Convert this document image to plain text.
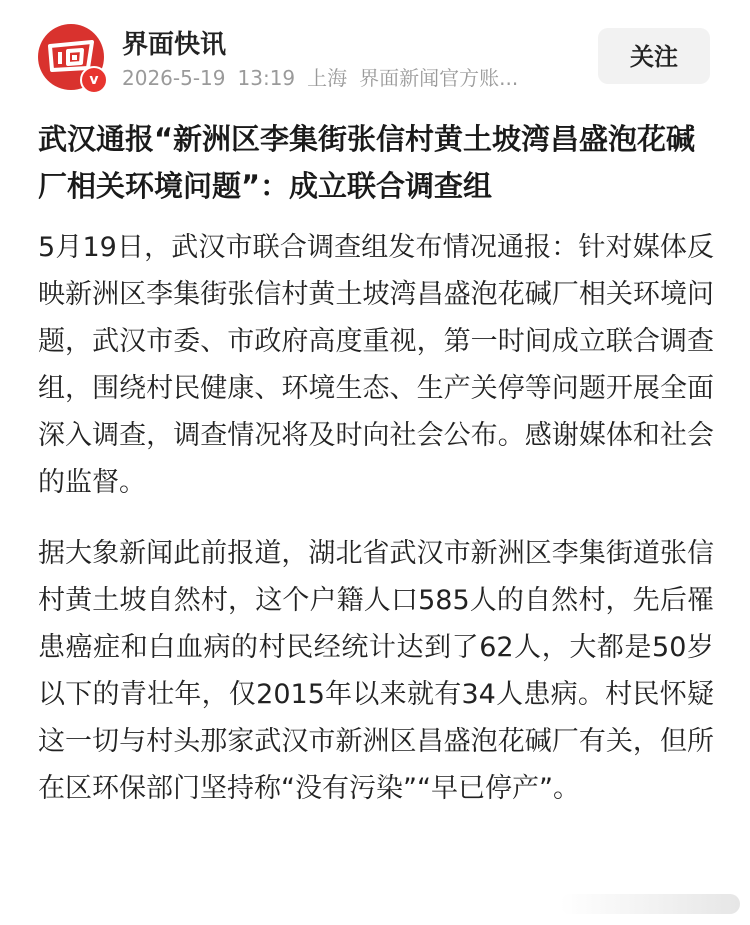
v
界面快讯
2026-5-19 13:19 上海 界面新闻官方账...
关注
武汉通报“新洲区李集街张信村黄土坡湾昌盛泡花碱厂相关环境问题”：成立联合调查组

5月19日，武汉市联合调查组发布情况通报：针对媒体反映新洲区李集街张信村黄土坡湾昌盛泡花碱厂相关环境问题，武汉市委、市政府高度重视，第一时间成立联合调查组，围绕村民健康、环境生态、生产关停等问题开展全面深入调查，调查情况将及时向社会公布。感谢媒体和社会的监督。

据大象新闻此前报道，湖北省武汉市新洲区李集街道张信村黄土坡自然村，这个户籍人口585人的自然村，先后罹患癌症和白血病的村民经统计达到了62人，大都是50岁以下的青壮年，仅2015年以来就有34人患病。村民怀疑这一切与村头那家武汉市新洲区昌盛泡花碱厂有关，但所在区环保部门坚持称“没有污染”“早已停产”。
